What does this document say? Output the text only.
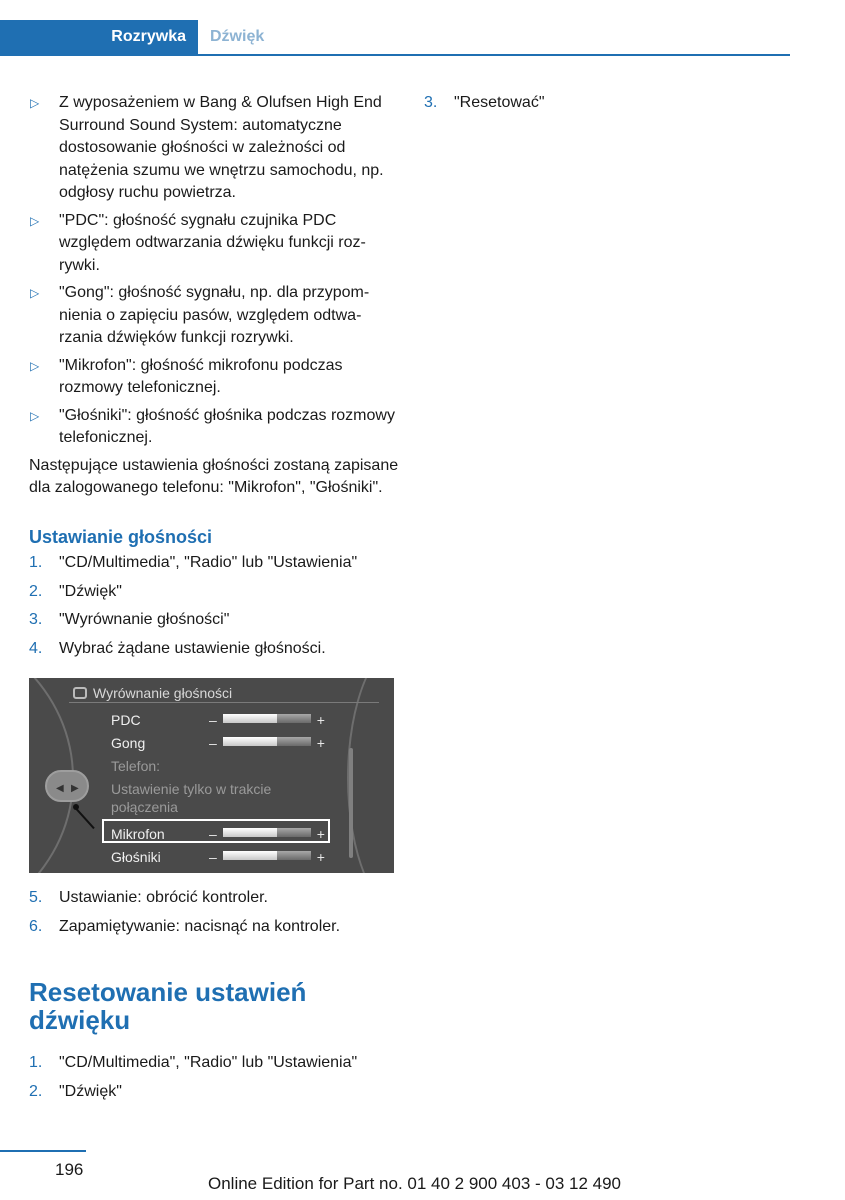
Rozrywka Dźwięk
▷ Z wyposażeniem w Bang & Olufsen High End Surround Sound System: automatyczne dostosowanie głośności w zależności od natężenia szumu we wnętrzu samochodu, np. odgłosy ruchu powietrza.
▷ "PDC": głośność sygnału czujnika PDC względem odtwarzania dźwięku funkcji rozrywki.
▷ "Gong": głośność sygnału, np. dla przypomnienia o zapięciu pasów, względem odtwarzania dźwięków funkcji rozrywki.
▷ "Mikrofon": głośność mikrofonu podczas rozmowy telefonicznej.
▷ "Głośniki": głośność głośnika podczas rozmowy telefonicznej.

Następujące ustawienia głośności zostaną zapisane dla zalogowanego telefonu: "Mikrofon", "Głośniki".

Ustawianie głośności
1. "CD/Multimedia", "Radio" lub "Ustawienia"
2. "Dźwięk"
3. "Wyrównanie głośności"
4. Wybrać żądane ustawienie głośności.
Wyrównanie głośności
PDC	–	+
Gong	–	+
Telefon:
Ustawienie tylko w trakcie
połączenia
Mikrofon	–	+
Głośniki	–	+
◀ ▶
5. Ustawianie: obrócić kontroler.
6. Zapamiętywanie: nacisnąć na kontroler.
Resetowanie ustawień
dźwięku
1. "CD/Multimedia", "Radio" lub "Ustawienia"
2. "Dźwięk"
3. "Resetować"
196
Online Edition for Part no. 01 40 2 900 403 - 03 12 490
